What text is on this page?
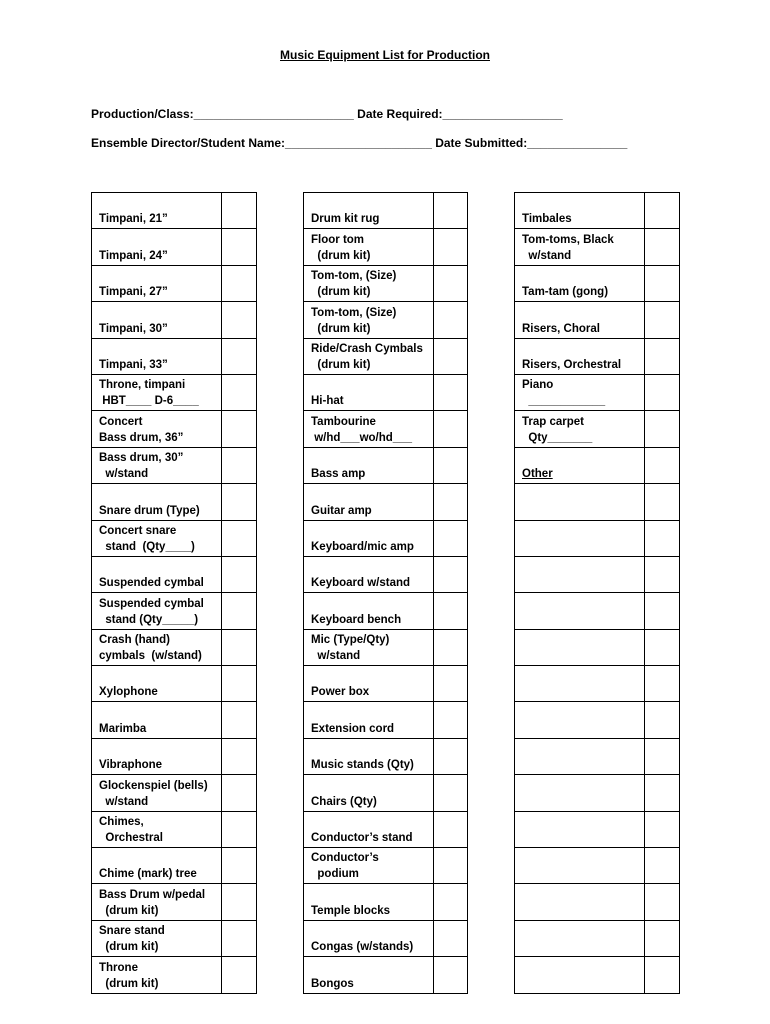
Music Equipment List for Production
Production/Class:________________________ Date Required:__________________
Ensemble Director/Student Name:______________________ Date Submitted:_______________
Timpani, 21”	

Timpani, 24”	

Timpani, 27”	

Timpani, 30”	

Timpani, 33”	

Throne, timpani
HBT____ D-6____	

Concert
Bass drum, 36”	

Bass drum, 30”
w/stand	

Snare drum (Type)	

Concert snare
stand  (Qty____)	

Suspended cymbal	

Suspended cymbal
stand (Qty_____)	

Crash (hand)
cymbals  (w/stand)	

Xylophone	

Marimba	

Vibraphone	

Glockenspiel (bells)
w/stand	

Chimes,
Orchestral	

Chime (mark) tree	

Bass Drum w/pedal
(drum kit)	

Snare stand
(drum kit)	

Throne
(drum kit)	

Drum kit rug	

Floor tom
(drum kit)	

Tom-tom, (Size)
(drum kit)	

Tom-tom, (Size)
(drum kit)	

Ride/Crash Cymbals
(drum kit)	

Hi-hat	

Tambourine
w/hd___wo/hd___	

Bass amp	

Guitar amp	

Keyboard/mic amp	

Keyboard w/stand	

Keyboard bench	

Mic (Type/Qty)
w/stand	

Power box	

Extension cord	

Music stands (Qty)	

Chairs (Qty)	

Conductor’s stand	

Conductor’s
podium	

Temple blocks	

Congas (w/stands)	

Bongos	

Timbales	

Tom-toms, Black
w/stand	

Tam-tam (gong)	

Risers, Choral	

Risers, Orchestral	

Piano
____________	

Trap carpet
Qty_______	

Other	
